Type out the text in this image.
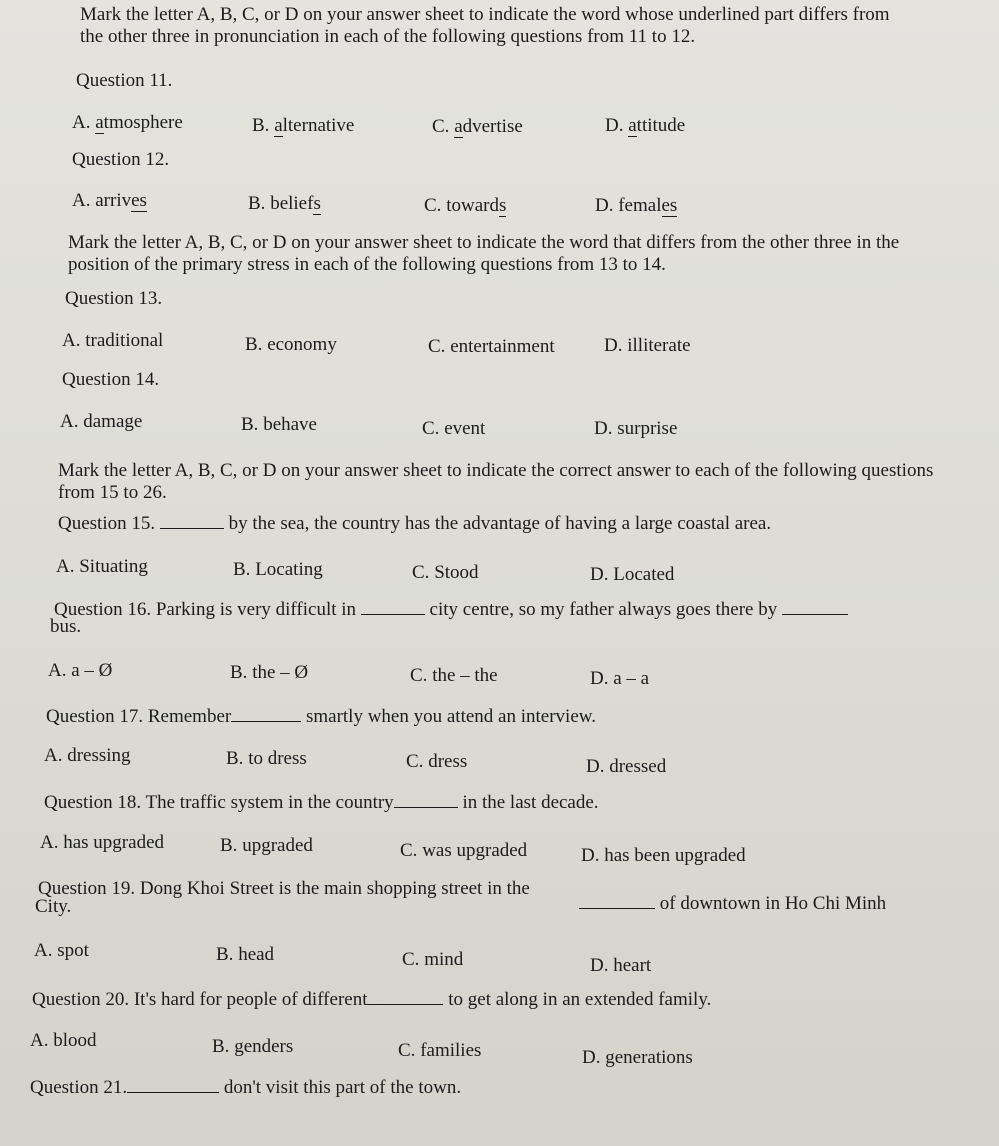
Mark the letter A, B, C, or D on your answer sheet to indicate the word whose underlined part differs from the other three in pronunciation in each of the following questions from 11 to 12.
Question 11.
A. atmosphere	B. alternative	C. advertise	D. attitude
Question 12.
A. arrives	B. beliefs	C. towards	D. females
Mark the letter A, B, C, or D on your answer sheet to indicate the word that differs from the other three in the position of the primary stress in each of the following questions from 13 to 14.
Question 13.
A. traditional	B. economy	C. entertainment	D. illiterate
Question 14.
A. damage	B. behave	C. event	D. surprise
Mark the letter A, B, C, or D on your answer sheet to indicate the correct answer to each of the following questions from 15 to 26.
Question 15.	by the sea, the country has the advantage of having a large coastal area.
A. Situating	B. Locating	C. Stood	D. Located
Question 16. Parking is very difficult in	city centre, so my father always goes there by
bus.
A. a – Ø	B. the – Ø	C. the – the	D. a – a
Question 17. Remember	smartly when you attend an interview.
A. dressing	B. to dress	C. dress	D. dressed
Question 18. The traffic system in the country	in the last decade.
A. has upgraded	B. upgraded	C. was upgraded	D. has been upgraded
Question 19. Dong Khoi Street is the main shopping street in the
City.	of downtown in Ho Chi Minh
A. spot	B. head	C. mind	D. heart
Question 20. It's hard for people of different	to get along in an extended family.
A. blood	B. genders	C. families	D. generations
Question 21.	don't visit this part of the town.
